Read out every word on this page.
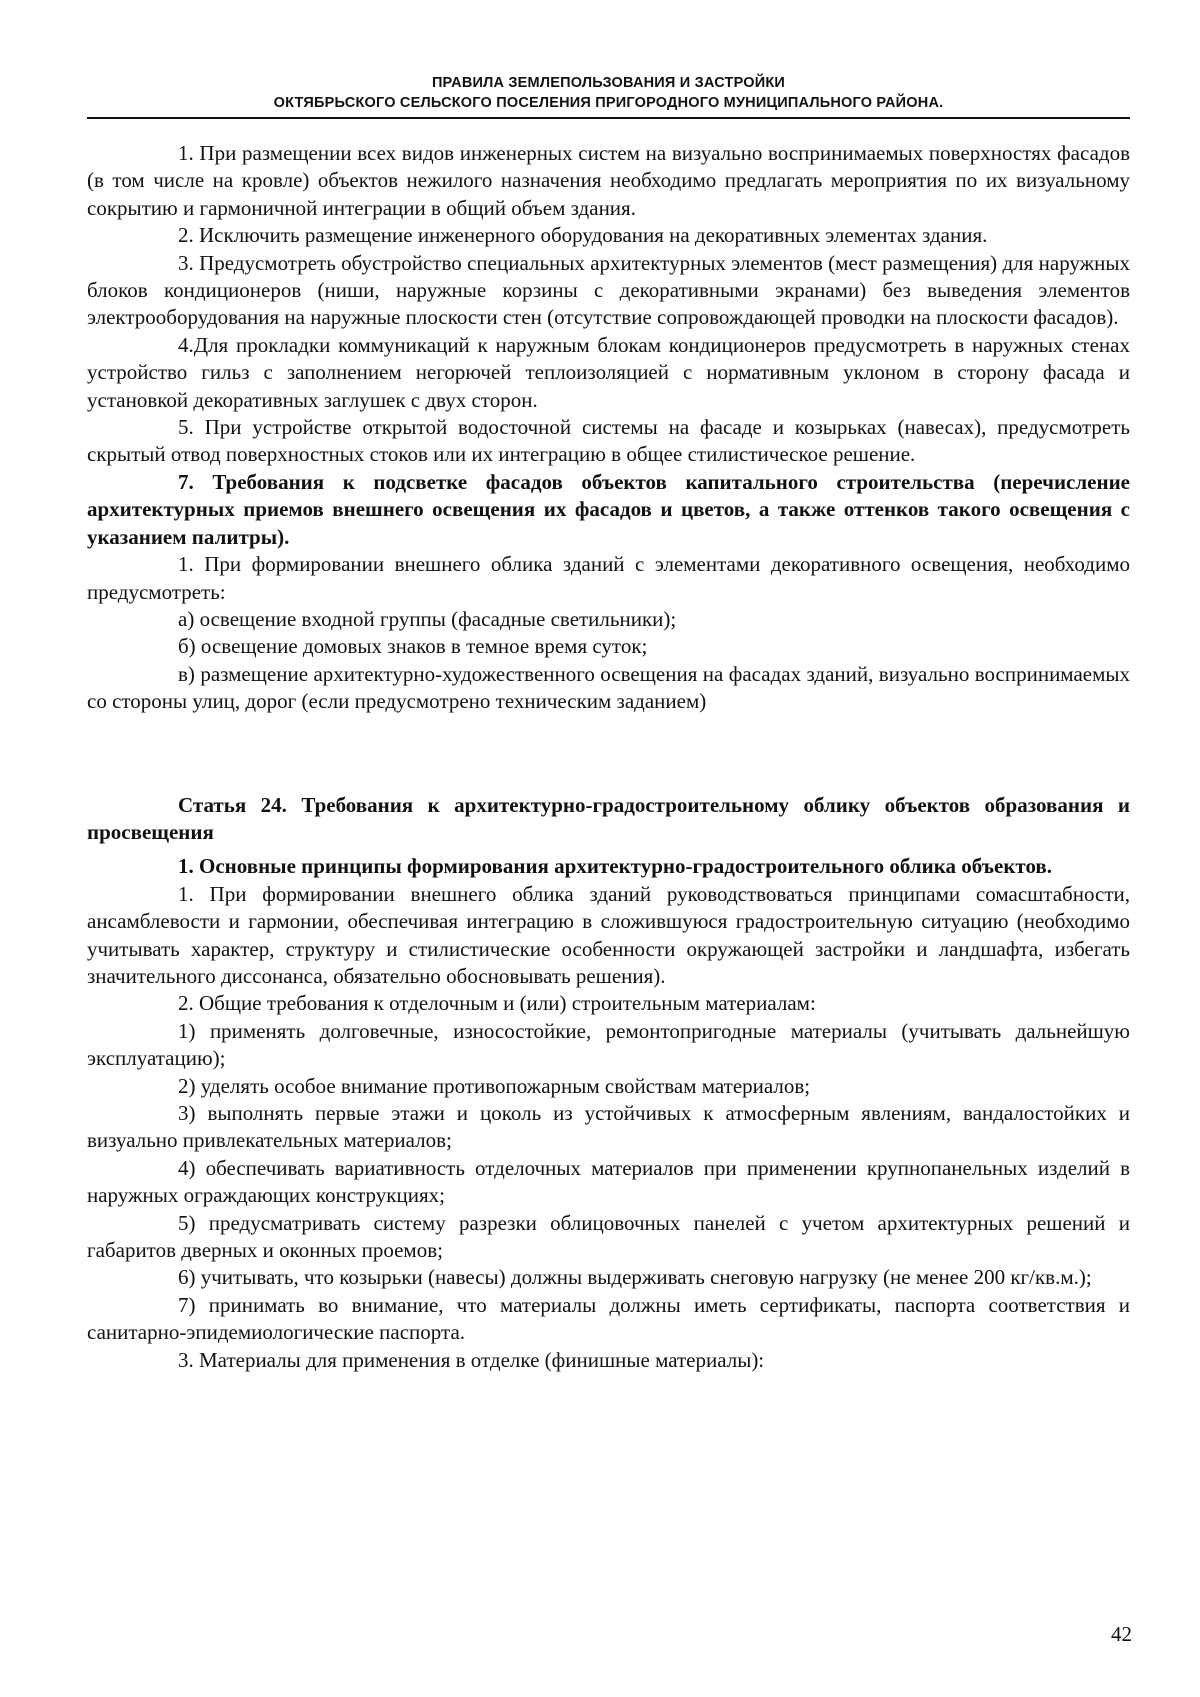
ПРАВИЛА ЗЕМЛЕПОЛЬЗОВАНИЯ И ЗАСТРОЙКИ
ОКТЯБРЬСКОГО СЕЛЬСКОГО ПОСЕЛЕНИЯ ПРИГОРОДНОГО МУНИЦИПАЛЬНОГО РАЙОНА.

1. При размещении всех видов инженерных систем на визуально воспринимаемых поверхностях фасадов (в том числе на кровле) объектов нежилого назначения необходимо предлагать мероприятия по их визуальному сокрытию и гармоничной интеграции в общий объем здания.

2. Исключить размещение инженерного оборудования на декоративных элементах здания.

3. Предусмотреть обустройство специальных архитектурных элементов (мест размещения) для наружных блоков кондиционеров (ниши, наружные корзины с декоративными экранами) без выведения элементов электрооборудования на наружные плоскости стен (отсутствие сопровождающей проводки на плоскости фасадов).

4.Для прокладки коммуникаций к наружным блокам кондиционеров предусмотреть в наружных стенах устройство гильз с заполнением негорючей теплоизоляцией с нормативным уклоном в сторону фасада и установкой декоративных заглушек с двух сторон.

5. При устройстве открытой водосточной системы на фасаде и козырьках (навесах), предусмотреть скрытый отвод поверхностных стоков или их интеграцию в общее стилистическое решение.

7. Требования к подсветке фасадов объектов капитального строительства (перечисление архитектурных приемов внешнего освещения их фасадов и цветов, а также оттенков такого освещения с указанием палитры).

1. При формировании внешнего облика зданий с элементами декоративного освещения, необходимо предусмотреть:

а) освещение входной группы (фасадные светильники);

б) освещение домовых знаков в темное время суток;

в) размещение архитектурно-художественного освещения на фасадах зданий, визуально воспринимаемых со стороны улиц, дорог (если предусмотрено техническим заданием)

Статья 24. Требования к архитектурно-градостроительному облику объектов образования и просвещения

1. Основные принципы формирования архитектурно-градостроительного облика объектов.

1. При формировании внешнего облика зданий руководствоваться принципами сомасштабности, ансамблевости и гармонии, обеспечивая интеграцию в сложившуюся градостроительную ситуацию (необходимо учитывать характер, структуру и стилистические особенности окружающей застройки и ландшафта, избегать значительного диссонанса, обязательно обосновывать решения).

2. Общие требования к отделочным и (или) строительным материалам:

1) применять долговечные, износостойкие, ремонтопригодные материалы (учитывать дальнейшую эксплуатацию);

2) уделять особое внимание противопожарным свойствам материалов;

3) выполнять первые этажи и цоколь из устойчивых к атмосферным явлениям, вандалостойких и визуально привлекательных материалов;

4) обеспечивать вариативность отделочных материалов при применении крупнопанельных изделий в наружных ограждающих конструкциях;

5) предусматривать систему разрезки облицовочных панелей с учетом архитектурных решений и габаритов дверных и оконных проемов;

6) учитывать, что козырьки (навесы) должны выдерживать снеговую нагрузку (не менее 200 кг/кв.м.);

7) принимать во внимание, что материалы должны иметь сертификаты, паспорта соответствия и санитарно-эпидемиологические паспорта.

3. Материалы для применения в отделке (финишные материалы):

42
